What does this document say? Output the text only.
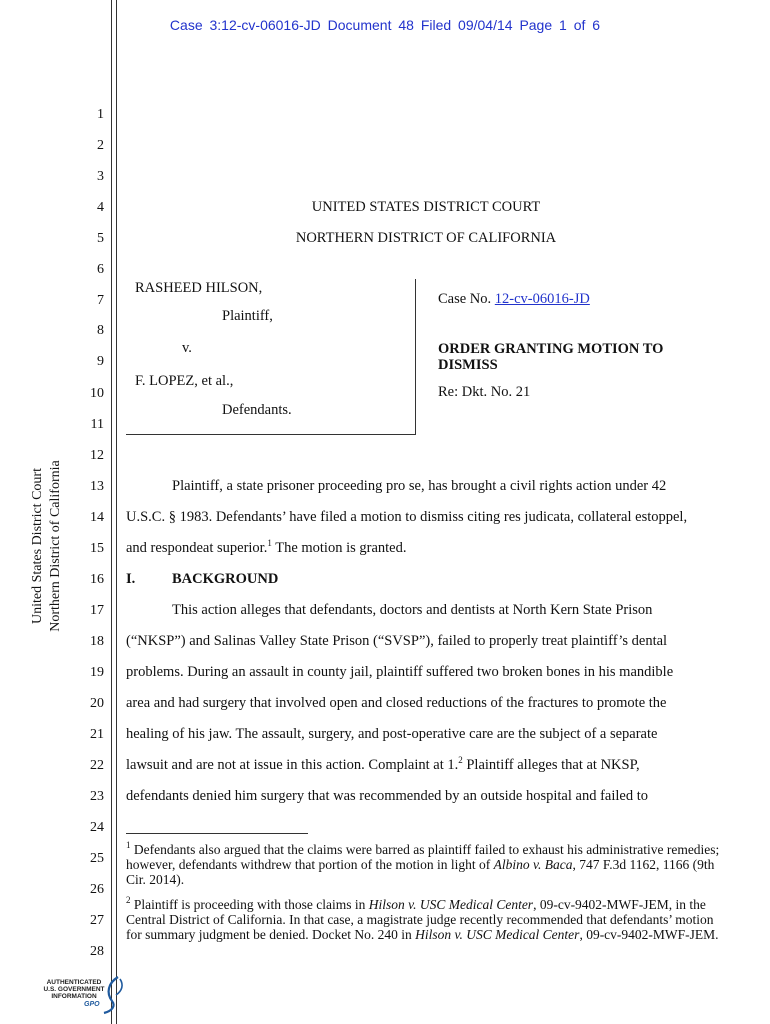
Case 3:12-cv-06016-JD Document 48 Filed 09/04/14 Page 1 of 6
United States District Court Northern District of California
1
2
3
4
5
6
7
8
9
10
11
12
13
14
15
16
17
18
19
20
21
22
23
24
25
26
27
28
UNITED STATES DISTRICT COURT
NORTHERN DISTRICT OF CALIFORNIA
RASHEED HILSON,
Plaintiff,
v.
F. LOPEZ, et al.,
Defendants.
Case No. 12-cv-06016-JD
ORDER GRANTING MOTION TO
DISMISS
Re: Dkt. No. 21
Plaintiff, a state prisoner proceeding pro se, has brought a civil rights action under 42
U.S.C. § 1983. Defendants’ have filed a motion to dismiss citing res judicata, collateral estoppel,
and respondeat superior.$^1$ The motion is granted.
I.	BACKGROUND
This action alleges that defendants, doctors and dentists at North Kern State Prison
(“NKSP”) and Salinas Valley State Prison (“SVSP”), failed to properly treat plaintiff’s dental
problems. During an assault in county jail, plaintiff suffered two broken bones in his mandible
area and had surgery that involved open and closed reductions of the fractures to promote the
healing of his jaw. The assault, surgery, and post-operative care are the subject of a separate
lawsuit and are not at issue in this action. Complaint at 1.$^2$ Plaintiff alleges that at NKSP,
defendants denied him surgery that was recommended by an outside hospital and failed to
$^1$ Defendants also argued that the claims were barred as plaintiff failed to exhaust his administrative remedies; however, defendants withdrew that portion of the motion in light of Albino v. Baca, 747 F.3d 1162, 1166 (9th Cir. 2014).
$^2$ Plaintiff is proceeding with those claims in Hilson v. USC Medical Center, 09-cv-9402-MWF-JEM, in the Central District of California. In that case, a magistrate judge recently recommended that defendants’ motion for summary judgment be denied. Docket No. 240 in Hilson v. USC Medical Center, 09-cv-9402-MWF-JEM.
AUTHENTICATED
U.S. GOVERNMENT
INFORMATION
GPO
